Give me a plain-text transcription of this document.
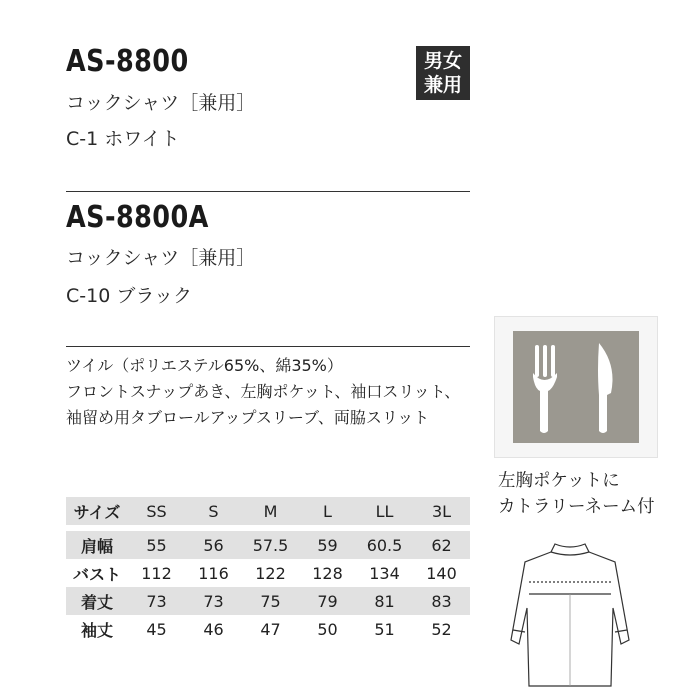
AS-8800
コックシャツ［兼用］
C-1 ホワイト
男女
兼用
AS-8800A
コックシャツ［兼用］
C-10 ブラック
ツイル（ポリエステル65%、綿35%）
フロントスナップあき、左胸ポケット、袖口スリット、
袖留め用タブロールアップスリーブ、両脇スリット
左胸ポケットに
カトラリーネーム付
サイズ	SS	S	M	L	LL	3L

肩幅	55	56	57.5	59	60.5	62
バスト	112	116	122	128	134	140
着丈	73	73	75	79	81	83
袖丈	45	46	47	50	51	52
